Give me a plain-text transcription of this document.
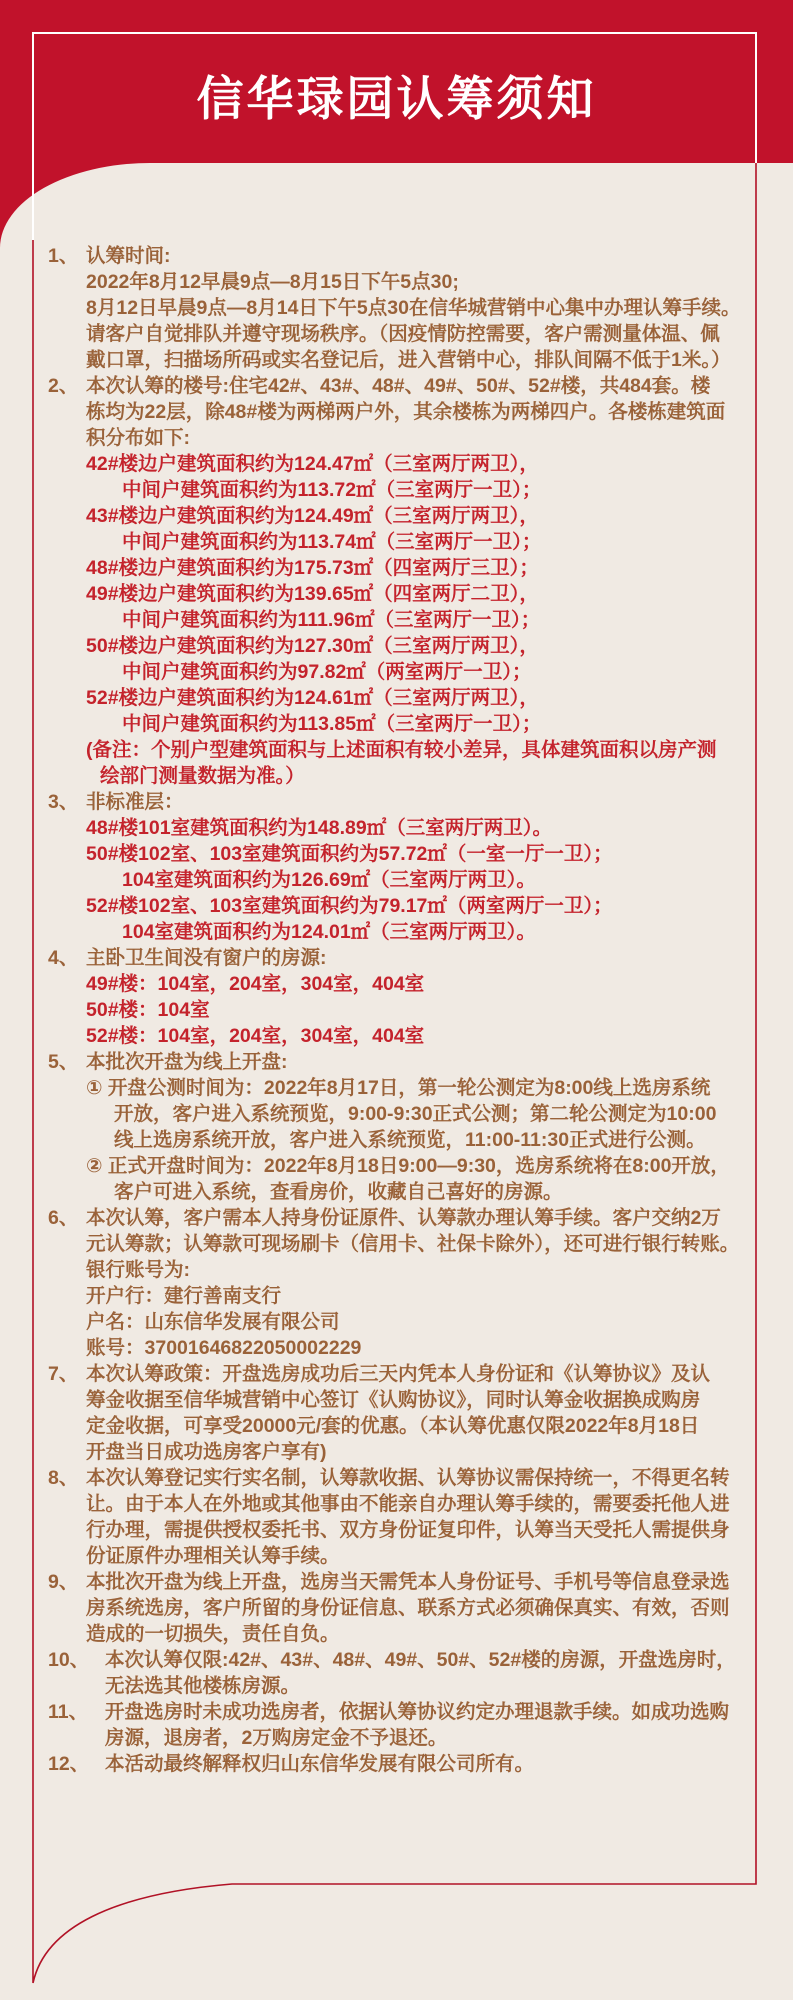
信华琭园认筹须知
1、 认筹时间:
2022年8月12早晨9点—8月15日下午5点30;
8月12日早晨9点—8月14日下午5点30在信华城营销中心集中办理认筹手续。
请客户自觉排队并遵守现场秩序。（因疫情防控需要，客户需测量体温、佩
戴口罩，扫描场所码或实名登记后，进入营销中心，排队间隔不低于1米。）
2、 本次认筹的楼号:住宅42#、43#、48#、49#、50#、52#楼，共484套。楼
栋均为22层，除48#楼为两梯两户外，其余楼栋为两梯四户。各楼栋建筑面
积分布如下:
42#楼边户建筑面积约为124.47㎡（三室两厅两卫），
中间户建筑面积约为113.72㎡（三室两厅一卫）；
43#楼边户建筑面积约为124.49㎡（三室两厅两卫），
中间户建筑面积约为113.74㎡（三室两厅一卫）；
48#楼边户建筑面积约为175.73㎡（四室两厅三卫）；
49#楼边户建筑面积约为139.65㎡（四室两厅二卫），
中间户建筑面积约为111.96㎡（三室两厅一卫）；
50#楼边户建筑面积约为127.30㎡（三室两厅两卫），
中间户建筑面积约为97.82㎡（两室两厅一卫）；
52#楼边户建筑面积约为124.61㎡（三室两厅两卫），
中间户建筑面积约为113.85㎡（三室两厅一卫）；
(备注：个别户型建筑面积与上述面积有较小差异，具体建筑面积以房产测
绘部门测量数据为准。）
3、 非标准层：
48#楼101室建筑面积约为148.89㎡（三室两厅两卫）。
50#楼102室、103室建筑面积约为57.72㎡（一室一厅一卫）；
104室建筑面积约为126.69㎡（三室两厅两卫）。
52#楼102室、103室建筑面积约为79.17㎡（两室两厅一卫）；
104室建筑面积约为124.01㎡（三室两厅两卫）。
4、 主卧卫生间没有窗户的房源:
49#楼：104室，204室，304室，404室
50#楼：104室
52#楼：104室，204室，304室，404室
5、 本批次开盘为线上开盘:
① 开盘公测时间为：2022年8月17日，第一轮公测定为8:00线上选房系统
开放，客户进入系统预览，9:00-9:30正式公测；第二轮公测定为10:00
线上选房系统开放，客户进入系统预览，11:00-11:30正式进行公测。
② 正式开盘时间为：2022年8月18日9:00—9:30，选房系统将在8:00开放，
客户可进入系统，查看房价，收藏自己喜好的房源。
6、 本次认筹，客户需本人持身份证原件、认筹款办理认筹手续。客户交纳2万
元认筹款；认筹款可现场刷卡（信用卡、社保卡除外），还可进行银行转账。
银行账号为:
开户行：建行善南支行
户名：山东信华发展有限公司
账号：37001646822050002229
7、 本次认筹政策：开盘选房成功后三天内凭本人身份证和《认筹协议》及认
筹金收据至信华城营销中心签订《认购协议》，同时认筹金收据换成购房
定金收据，可享受20000元/套的优惠。（本认筹优惠仅限2022年8月18日
开盘当日成功选房客户享有)
8、 本次认筹登记实行实名制，认筹款收据、认筹协议需保持统一，不得更名转
让。由于本人在外地或其他事由不能亲自办理认筹手续的，需要委托他人进
行办理，需提供授权委托书、双方身份证复印件，认筹当天受托人需提供身
份证原件办理相关认筹手续。
9、 本批次开盘为线上开盘，选房当天需凭本人身份证号、手机号等信息登录选
房系统选房，客户所留的身份证信息、联系方式必须确保真实、有效，否则
造成的一切损失，责任自负。
10、 本次认筹仅限:42#、43#、48#、49#、50#、52#楼的房源，开盘选房时，
无法选其他楼栋房源。
11、 开盘选房时未成功选房者，依据认筹协议约定办理退款手续。如成功选购
房源，退房者，2万购房定金不予退还。
12、 本活动最终解释权归山东信华发展有限公司所有。
